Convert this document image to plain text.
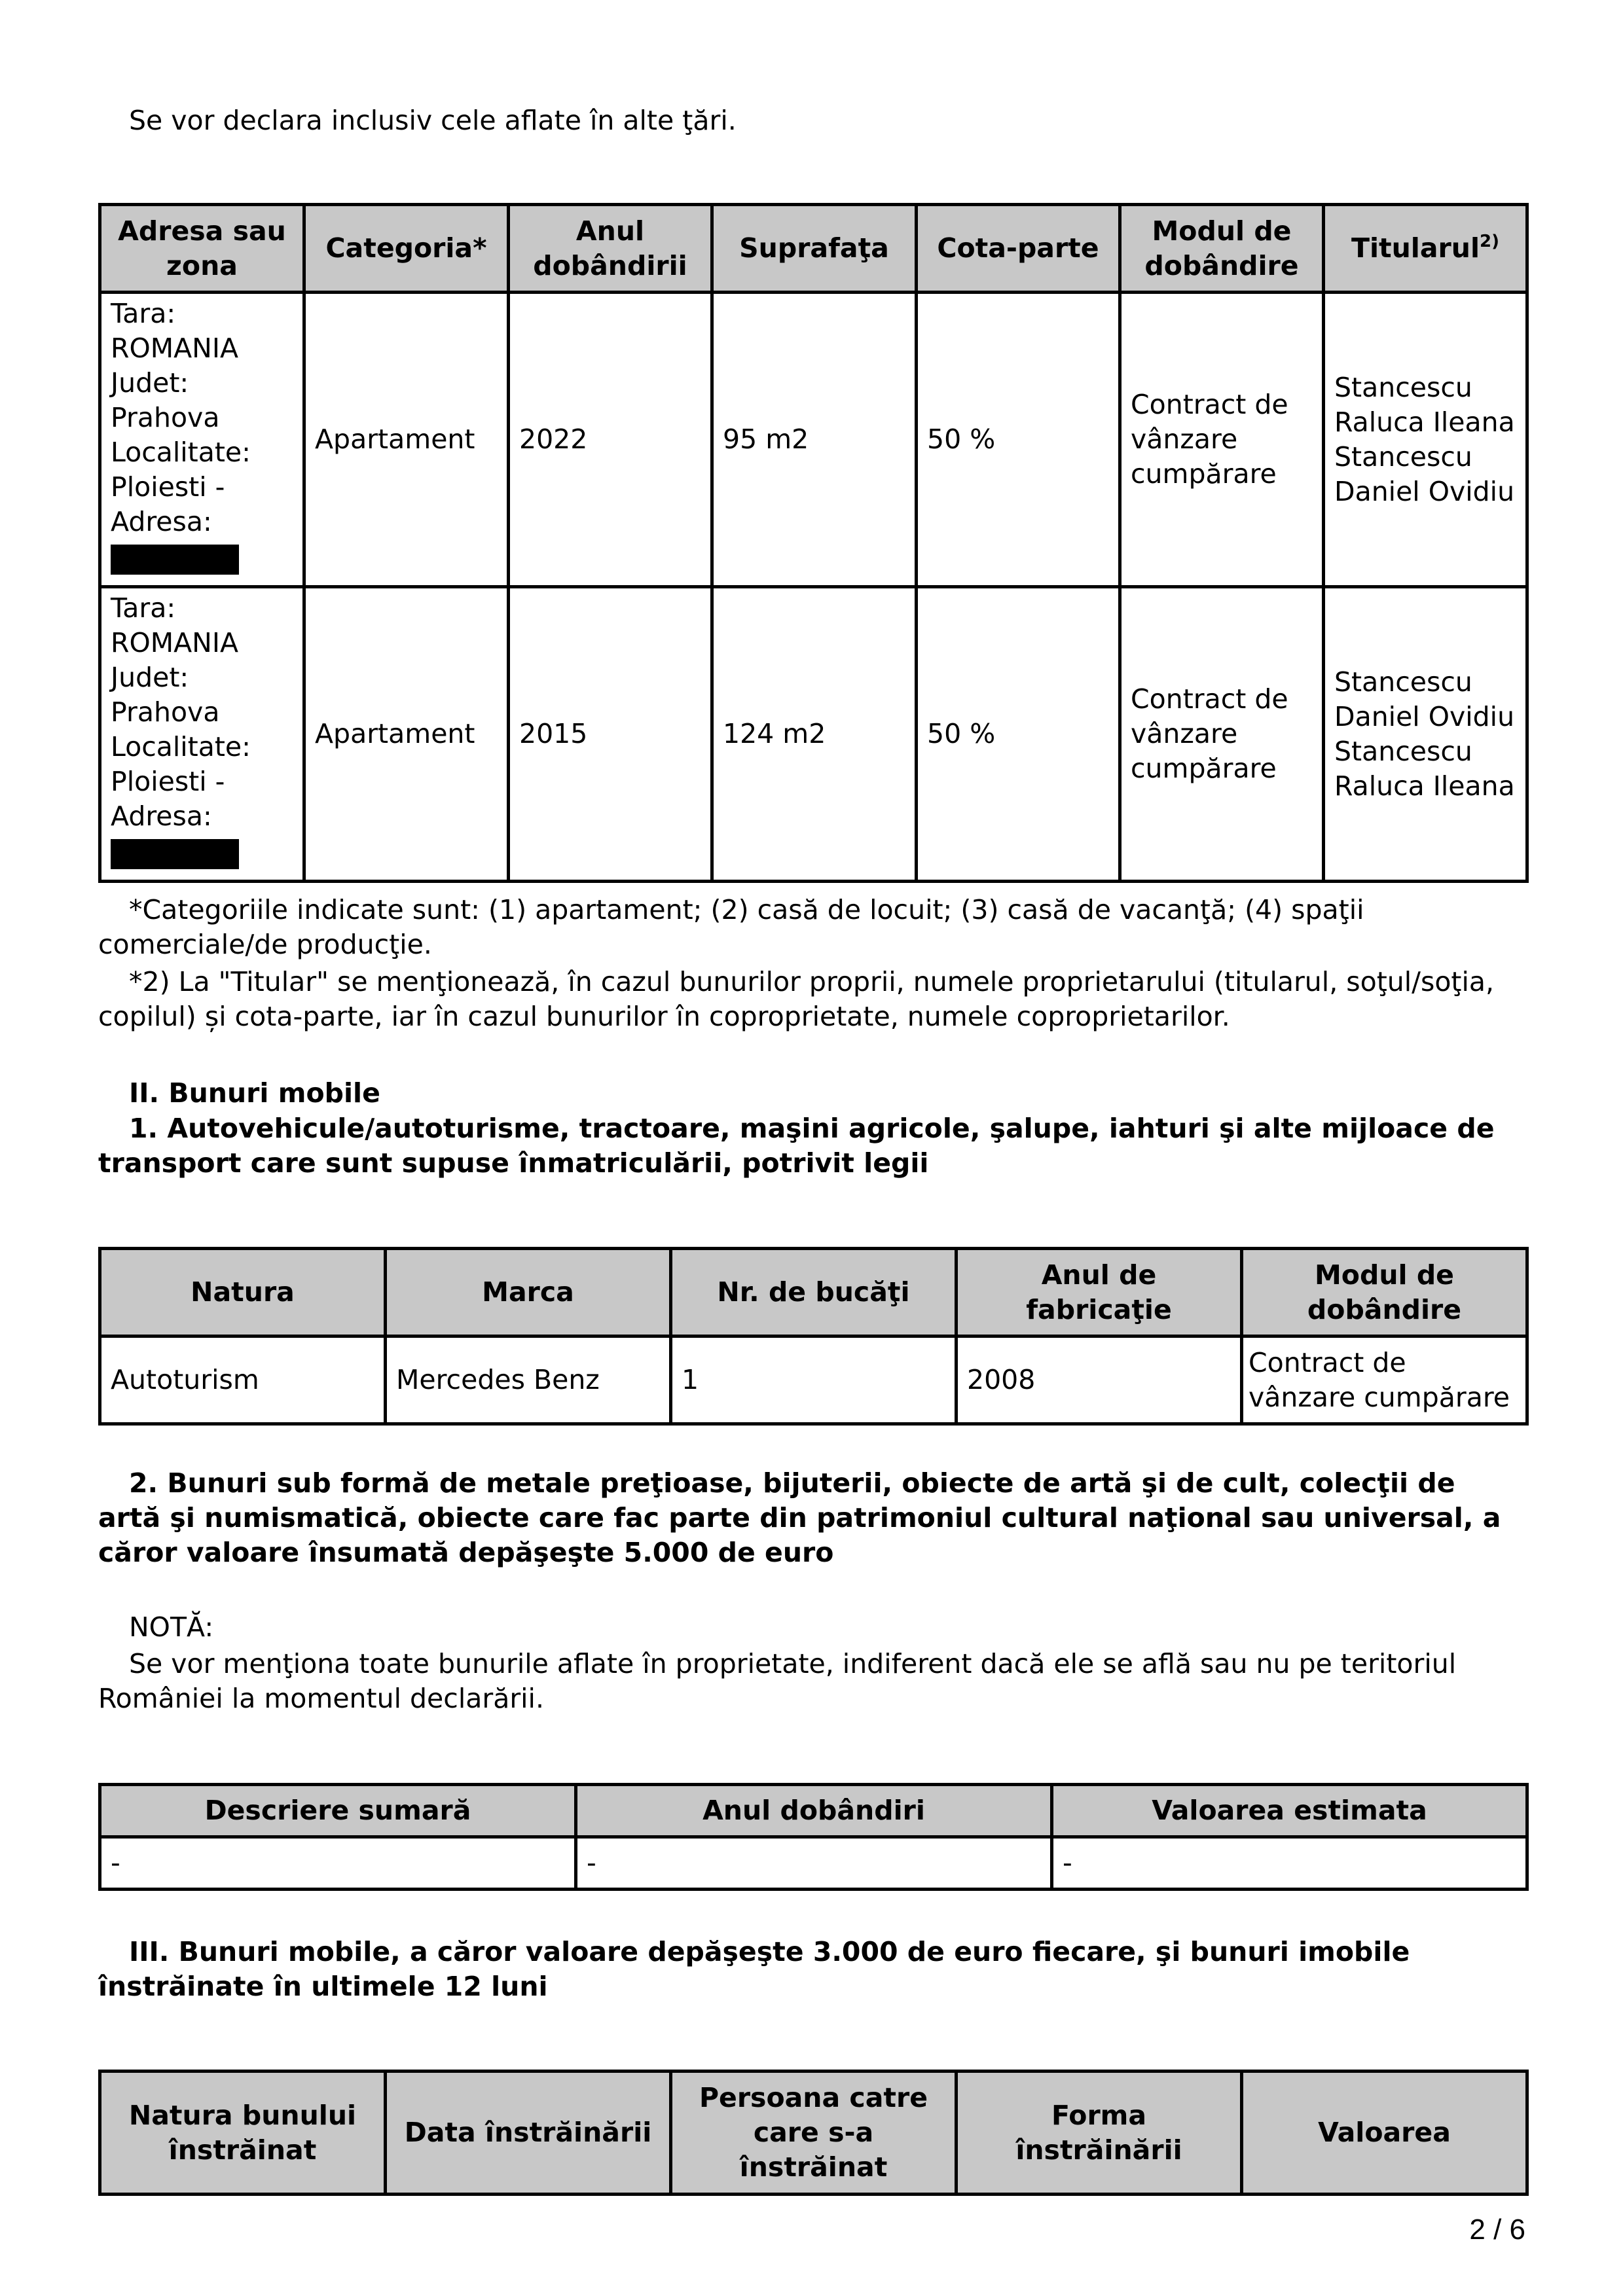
Se vor declara inclusiv cele aflate în alte ţări.

Adresa sau zona	Categoria*	Anul dobândirii	Suprafaţa	Cota-parte	Modul de dobândire	Titularul$^{2)}$

Tara: ROMANIA Judet: Prahova Localitate: Ploiesti - Adresa:	Apartament	2022	95 m2	50 %	Contract de vânzare cumpărare	Stancescu Raluca Ileana Stancescu Daniel Ovidiu

Tara: ROMANIA Judet: Prahova Localitate: Ploiesti - Adresa:	Apartament	2015	124 m2	50 %	Contract de vânzare cumpărare	Stancescu Daniel Ovidiu Stancescu Raluca Ileana

*Categoriile indicate sunt: (1) apartament; (2) casă de locuit; (3) casă de vacanţă; (4) spaţii comerciale/de producţie.

*2) La "Titular" se menţionează, în cazul bunurilor proprii, numele proprietarului (titularul, soţul/soţia, copilul) și cota-parte, iar în cazul bunurilor în coproprietate, numele coproprietarilor.

II. Bunuri mobile

1. Autovehicule/autoturisme, tractoare, maşini agricole, şalupe, iahturi şi alte mijloace de transport care sunt supuse înmatriculării, potrivit legii

Natura	Marca	Nr. de bucăţi	Anul de fabricaţie	Modul de dobândire
Autoturism	Mercedes Benz	1	2008	Contract de vânzare cumpărare

2. Bunuri sub formă de metale preţioase, bijuterii, obiecte de artă şi de cult, colecţii de artă şi numismatică, obiecte care fac parte din patrimoniul cultural naţional sau universal, a căror valoare însumată depăşeşte 5.000 de euro

NOTĂ:

Se vor menţiona toate bunurile aflate în proprietate, indiferent dacă ele se află sau nu pe teritoriul României la momentul declarării.

Descriere sumară	Anul dobândiri	Valoarea estimata
-	-	-

III. Bunuri mobile, a căror valoare depăşeşte 3.000 de euro fiecare, şi bunuri imobile înstrăinate în ultimele 12 luni

Natura bunului înstrăinat	Data înstrăinării	Persoana catre care s-a înstrăinat	Forma înstrăinării	Valoarea

2 / 6
